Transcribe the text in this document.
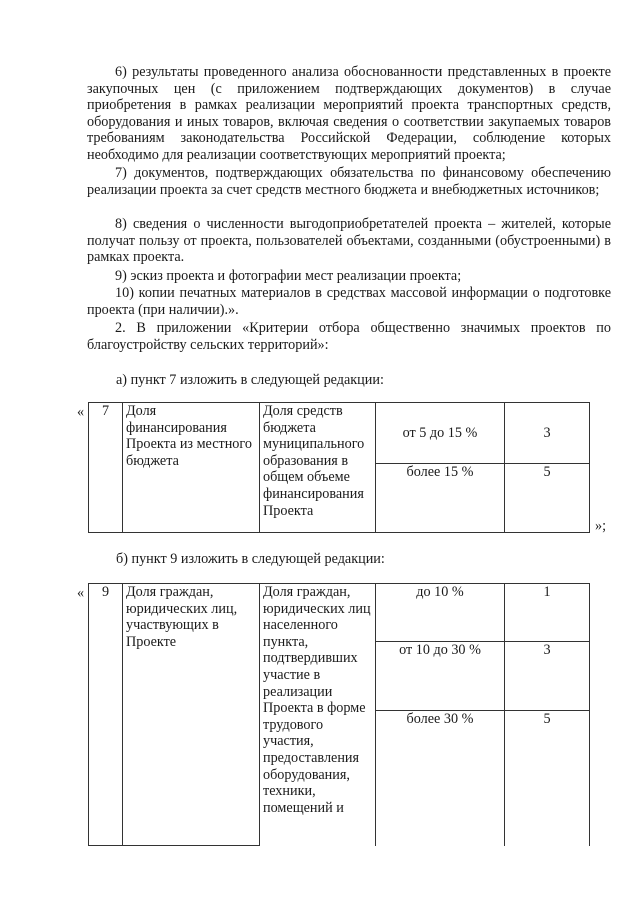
6) результаты проведенного анализа обоснованности представленных в проекте закупочных цен (с приложением подтверждающих документов) в случае приобретения в рамках реализации мероприятий проекта транспортных средств, оборудования и иных товаров, включая сведения о соответствии закупаемых товаров требованиям законодательства Российской Федерации, соблюдение которых необходимо для реализации соответствующих мероприятий проекта;

7) документов, подтверждающих обязательства по финансовому обеспечению реализации проекта за счет средств местного бюджета и внебюджетных источников;

8) сведения о численности выгодоприобретателей проекта – жителей, которые получат пользу от проекта, пользователей объектами, созданными (обустроенными) в рамках проекта.

9) эскиз проекта и фотографии мест реализации проекта;

10) копии печатных материалов в средствах массовой информации о подготовке проекта (при наличии).».

2. В приложении «Критерии отбора общественно значимых проектов по благоустройству сельских территорий»:

а) пункт 7 изложить в следующей редакции:

« 7	Доля финансирования Проекта из местного бюджета	Доля средств бюджета муниципального образования в общем объеме финансирования Проекта	от 5 до 15 %	3
			более 15 %	5
»;

б) пункт 9 изложить в следующей редакции:

« 9	Доля граждан, юридических лиц, участвующих в Проекте	Доля граждан, юридических лиц населенного пункта, подтвердивших участие в реализации Проекта в форме трудового участия, предоставления оборудования, техники, помещений и	до 10 %	1
			от 10 до 30 %	3
			более 30 %	5
